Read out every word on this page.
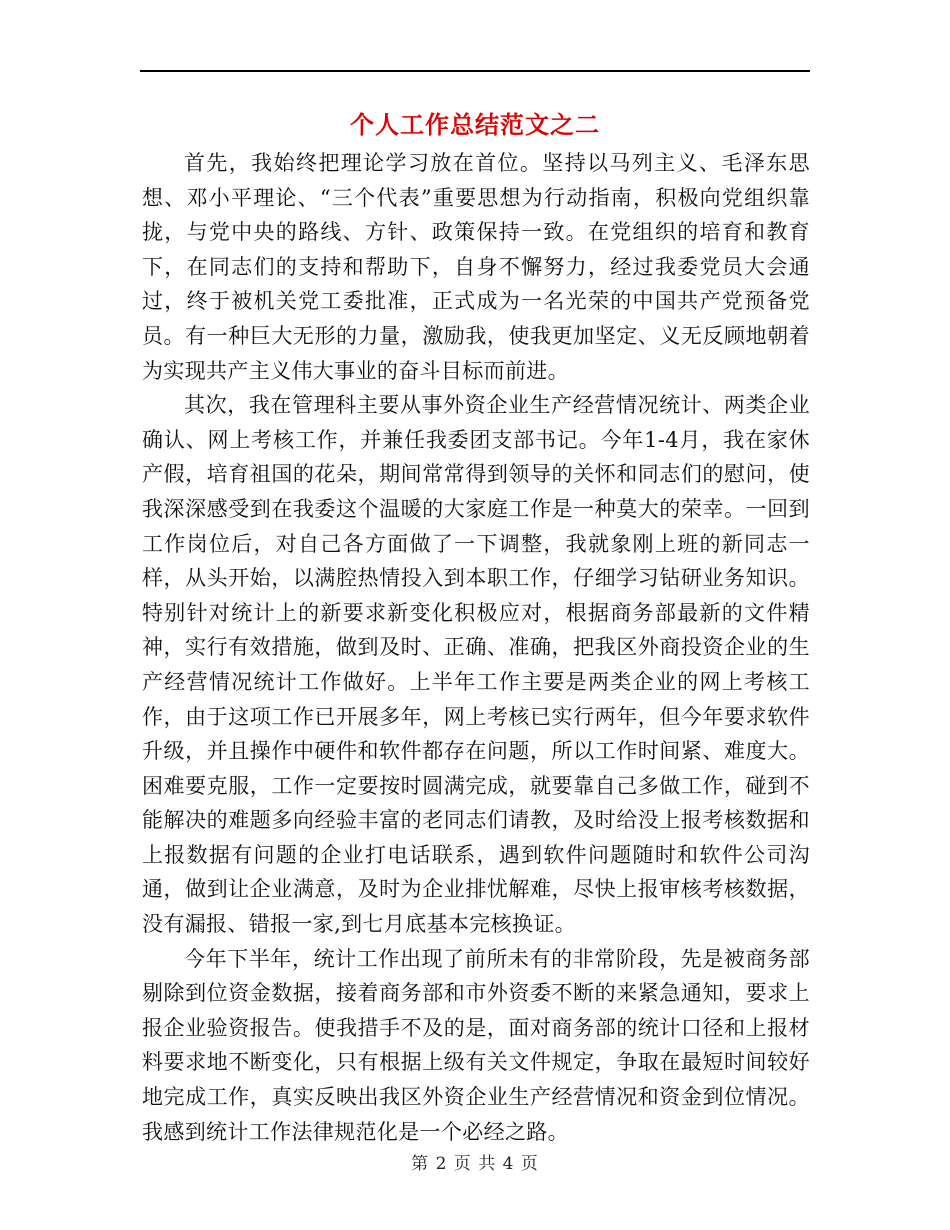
个人工作总结范文之二

首先，我始终把理论学习放在首位。坚持以马列主义、毛泽东思想、邓小平理论、“三个代表”重要思想为行动指南，积极向党组织靠拢，与党中央的路线、方针、政策保持一致。在党组织的培育和教育下，在同志们的支持和帮助下，自身不懈努力，经过我委党员大会通过，终于被机关党工委批准，正式成为一名光荣的中国共产党预备党员。有一种巨大无形的力量，激励我，使我更加坚定、义无反顾地朝着为实现共产主义伟大事业的奋斗目标而前进。

其次，我在管理科主要从事外资企业生产经营情况统计、两类企业确认、网上考核工作，并兼任我委团支部书记。今年1-4月，我在家休产假，培育祖国的花朵，期间常常得到领导的关怀和同志们的慰问，使我深深感受到在我委这个温暖的大家庭工作是一种莫大的荣幸。一回到工作岗位后，对自己各方面做了一下调整，我就象刚上班的新同志一样，从头开始，以满腔热情投入到本职工作，仔细学习钻研业务知识。特别针对统计上的新要求新变化积极应对，根据商务部最新的文件精神，实行有效措施，做到及时、正确、准确，把我区外商投资企业的生产经营情况统计工作做好。上半年工作主要是两类企业的网上考核工作，由于这项工作已开展多年，网上考核已实行两年，但今年要求软件升级，并且操作中硬件和软件都存在问题，所以工作时间紧、难度大。困难要克服，工作一定要按时圆满完成，就要靠自己多做工作，碰到不能解决的难题多向经验丰富的老同志们请教，及时给没上报考核数据和上报数据有问题的企业打电话联系，遇到软件问题随时和软件公司沟通，做到让企业满意，及时为企业排忧解难，尽快上报审核考核数据，没有漏报、错报一家,到七月底基本完核换证。

今年下半年，统计工作出现了前所未有的非常阶段，先是被商务部剔除到位资金数据，接着商务部和市外资委不断的来紧急通知，要求上报企业验资报告。使我措手不及的是，面对商务部的统计口径和上报材料要求地不断变化，只有根据上级有关文件规定，争取在最短时间较好地完成工作，真实反映出我区外资企业生产经营情况和资金到位情况。我感到统计工作法律规范化是一个必经之路。

第 2 页 共 4 页
